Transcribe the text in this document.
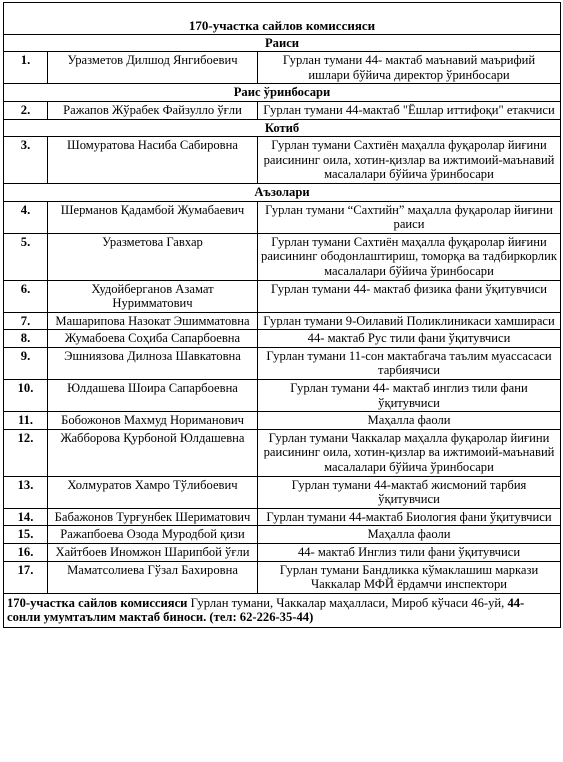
170-участка сайлов комиссияси		
Раиси		
1.	Уразметов Дилшод Янгибоевич	Гурлан тумани 44- мактаб маънавий маърифий ишлари бўйича директор ўринбосари
Раис ўринбосари		
2.	Ражапов Жўрабек Файзулло ўғли	Гурлан тумани 44-мактаб "Ёшлар иттифоқи" етакчиси
Котиб		
3.	Шомуратова Насиба Сабировна	Гурлан тумани Сахтиён маҳалла фуқаролар йиғини раисининг оила, хотин-қизлар ва ижтимоий-маънавий масалалари бўйича ўринбосари
Аъзолари		
4.	Шерманов Қадамбой Жумабаевич	Гурлан тумани “Сахтийн” маҳалла фуқаролар йиғини раиси
5.	Уразметова Гавхар	Гурлан тумани Сахтиён маҳалла фуқаролар йиғини раисининг ободонлаштириш, томорқа ва тадбиркорлик масалалари бўйича ўринбосари
6.	Худойберганов Азамат Нуримматович	Гурлан тумани 44- мактаб физика фани ўқитувчиси
7.	Машарипова Назокат Эшимматовна	Гурлан тумани 9-Оилавий Поликлиникаси хамшираси
8.	Жумабоева Соҳиба Сапарбоевна	44- мактаб Рус тили фани ўқитувчиси
9.	Эшниязова Дилноза Шавкатовна	Гурлан тумани 11-сон мактабгача таълим муассасаси тарбиячиси
10.	Юлдашева Шоира Сапарбоевна	Гурлан тумани 44- мактаб инглиз тили фани ўқитувчиси
11.	Бобожонов Махмуд Нориманович	Маҳалла фаоли
12.	Жабборова Қурбоной Юлдашевна	Гурлан тумани Чаккалар маҳалла фуқаролар йиғини раисининг оила, хотин-қизлар ва ижтимоий-маънавий масалалари бўйича ўринбосари
13.	Холмуратов Хамро Тўлибоевич	Гурлан тумани 44-мактаб жисмоний тарбия ўқитувчиси
14.	Бабажонов Турғунбек Шериматович	Гурлан тумани 44-мактаб Биология фани ўқитувчиси
15.	Ражапбоева Озода Муродбой қизи	Маҳалла фаоли
16.	Хайтбоев Иномжон Шарипбой ўғли	44- мактаб Инглиз тили фани ўқитувчиси
17.	Маматсолиева Гўзал Бахировна	Гурлан тумани Бандликка кўмаклашиш маркази Чаккалар МФЙ ёрдамчи инспектори
170-участка сайлов комиссияси Гурлан тумани, Чаккалар маҳалласи, Мироб кўчаси 46-уй, 44-сонли умумтаълим мактаб биноси. (тел: 62-226-35-44)		
